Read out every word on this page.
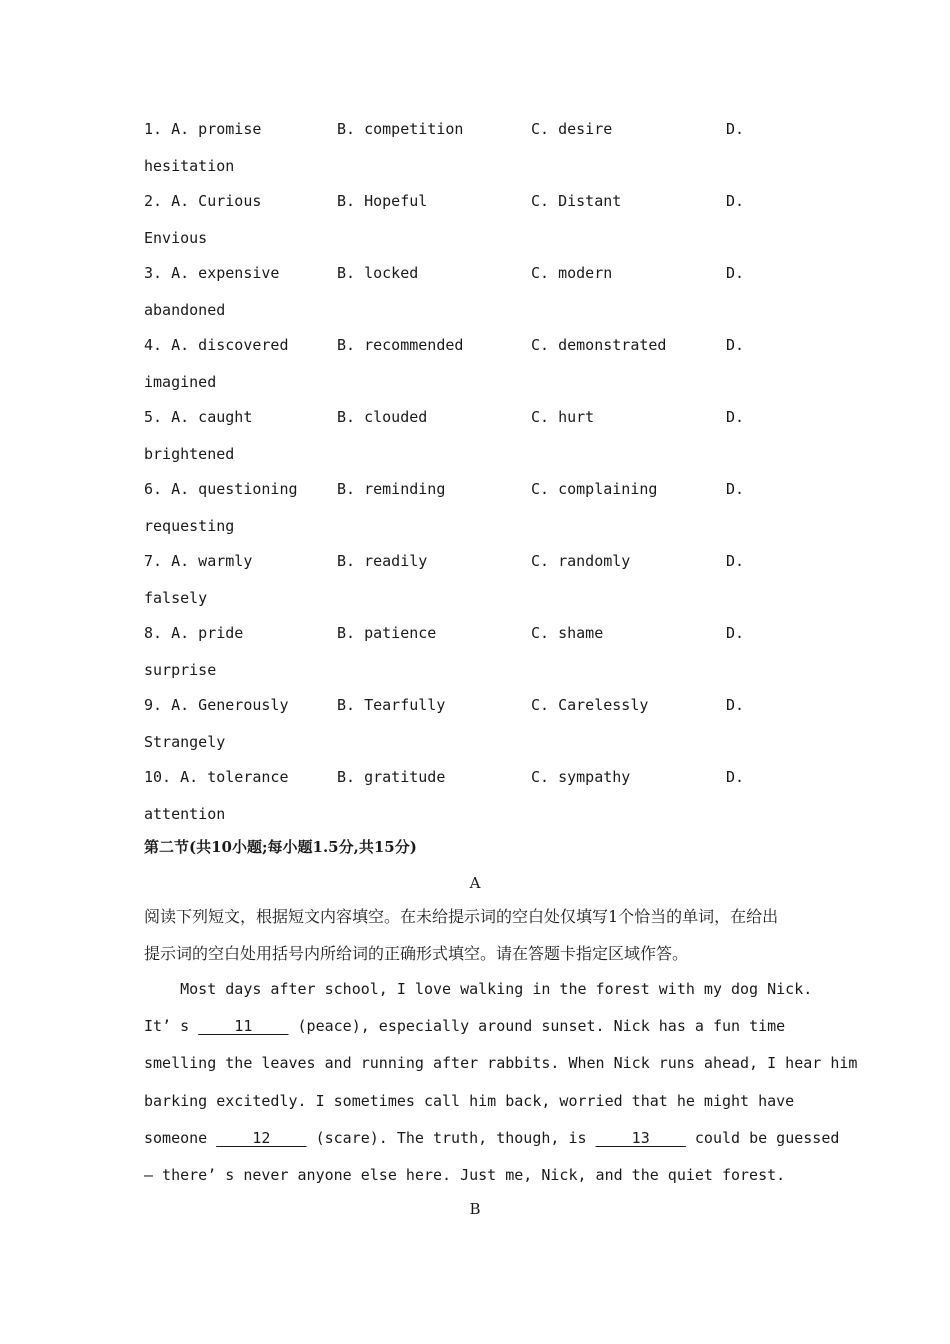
1. A. promise	B. competition	C. desire	D.
hesitation
2. A. Curious	B. Hopeful	C. Distant	D.
Envious
3. A. expensive	B. locked	C. modern	D.
abandoned
4. A. discovered	B. recommended	C. demonstrated	D.
imagined
5. A. caught	B. clouded	C. hurt	D.
brightened
6. A. questioning	B. reminding	C. complaining	D.
requesting
7. A. warmly	B. readily	C. randomly	D.
falsely
8. A. pride	B. patience	C. shame	D.
surprise
9. A. Generously	B. Tearfully	C. Carelessly	D.
Strangely
10. A. tolerance	B. gratitude	C. sympathy	D.
attention
第二节(共10小题;每小题1.5分,共15分)
A
阅读下列短文，根据短文内容填空。在未给提示词的空白处仅填写1个恰当的单词，在给出
提示词的空白处用括号内所给词的正确形式填空。请在答题卡指定区域作答。
Most days after school, I love walking in the forest with my dog Nick.
It’ s     11     (peace), especially around sunset. Nick has a fun time
smelling the leaves and running after rabbits. When Nick runs ahead, I hear him
barking excitedly. I sometimes call him back, worried that he might have
someone     12     (scare). The truth, though, is     13     could be guessed
— there’ s never anyone else here. Just me, Nick, and the quiet forest.
B
